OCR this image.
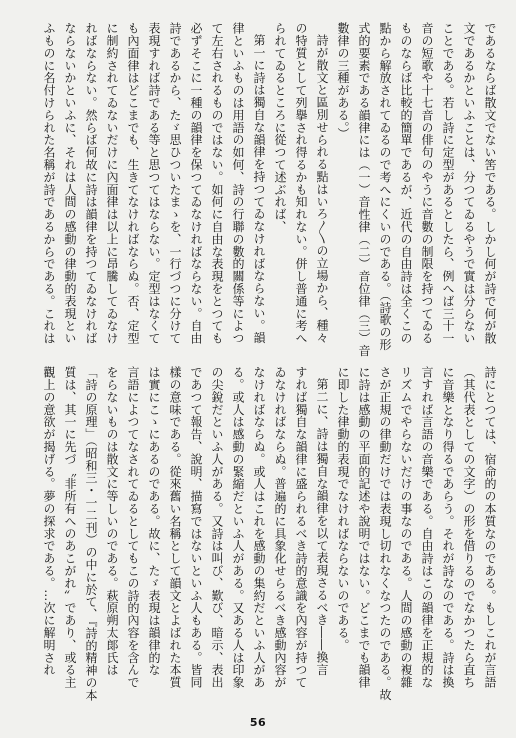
であるならば散文でない筈である。しかし何が詩で何が散
文であるかといふことは、分つてゐるやうで實は分らない
ことである。若し詩に定型があるとしたら、例へば三十一
音の短歌や十七音の俳句のやうに音數の制限を持つてゐる
ものならば比較的簡單であるが、近代の自由詩は全くこの
點から解放されてゐるので考へにくいのである。（詩歌の形
式的要素である韻律には（一）音性律（二）音位律（三）音
數律の三種がある。）
詩が散文と區別せられる點はいろ〳〵の立場から、種々
の特質として列擧され得るかも知れない。併し普通に考へ
られてゐるところに從つて述ぶれば、
第一に詩は獨自な韻律を持つてゐなければならない。韻
律といふものは用語の如何、詩の行聯の數的關係等によつ
て左右されるものではない。如何に自由な表現をとつても
必ずそこに一種の韻律を保つてゐなければならない。自由
詩であるから、たゞ思ひついたまゝを、一行づつに分けて
表現すれば詩である等と思つてはならない。定型はなくて
も內面律はどこまでも、生きてなければならぬ。否、定型
に制約されてゐないだけに內面律は以上に昂騰してゐなけ
ればならない。然らば何故に詩は韻律を持つてゐなければ
ならないかといふに、それは人間の感動の律動的表現とい
ふものに名付けられた名稱が詩であるからである。これは
詩にとつては、宿命的の本質なのである。もしこれが言語
（其代表としての文字）の形を借りるのでなかつたら直ち
に音樂となり得るであらう。それが詩なのである。詩は換
言すれば言語の音樂である。自由詩はこの韻律を正規的な
リズムでやらないだけの事なのである。人間の感動の複雜
さが正規の律動だけでは表現し切れなくなつたのである。故
に詩は感動の平面的記述や說明ではない。どこまでも韻律
に即した律動的表現でなければならないのである。
第二に、詩は獨自な韻律を以て表現さるべき――換言
すれば獨自な韻律に盛られるべき詩的意識を內容が持つて
ゐなければならぬ。普遍的に具象化せらるべき感動內容が
なければならぬ。或人はこれを感動の集約だといふ人があ
る。或人は感動の緊縮だといふ人がある。又ある人は印象
の尖銳だといふ人がある。又詩は叫び、歎び、暗示、表出
であつて報告、說明、描寫ではないといふ人もある。皆同
樣の意味である。從來舊い名稱として韻文とよばれた本質
は實にこゝにあるのである。故に、たゞ表現は韻律的な
言語によつてなされてゐるとしてもこの詩的內容を含んで
をらないものは散文に等しいのである。萩原朔太郞氏は
「詩の原理」（昭和三・一二刊）の中に於て、『詩的精神の本
質は、其一に先づ〝非所有へのあこがれ〟であり、或る主
觀上の意欲が揭げる。夢の探求である。…次に解明され
56
